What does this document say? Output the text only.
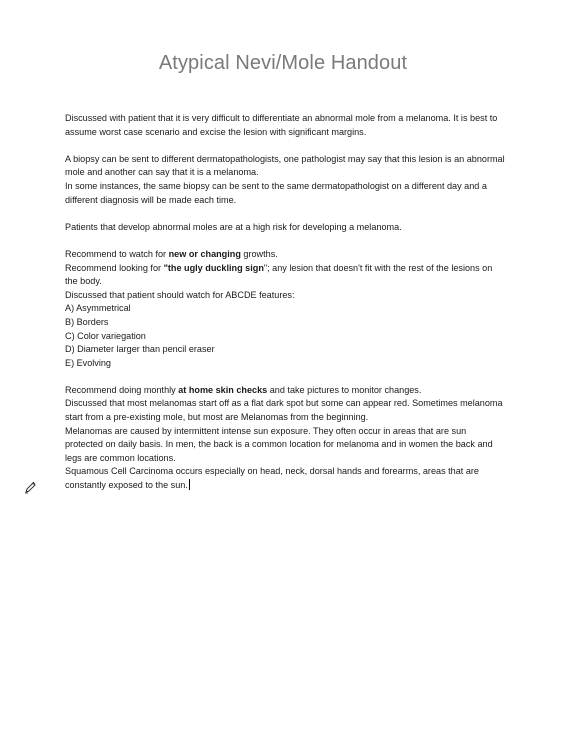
Atypical Nevi/Mole Handout

Discussed with patient that it is very difficult to differentiate an abnormal mole from a melanoma. It is best to assume worst case scenario and excise the lesion with significant margins.

A biopsy can be sent to different dermatopathologists, one pathologist may say that this lesion is an abnormal mole and another can say that it is a melanoma.

In some instances, the same biopsy can be sent to the same dermatopathologist on a different day and a different diagnosis will be made each time.

Patients that develop abnormal moles are at a high risk for developing a melanoma.

Recommend to watch for new or changing growths.

Recommend looking for "the ugly duckling sign"; any lesion that doesn't fit with the rest of the lesions on the body.

Discussed that patient should watch for ABCDE features:

A) Asymmetrical

B) Borders

C) Color variegation

D) Diameter larger than pencil eraser

E) Evolving

Recommend doing monthly at home skin checks and take pictures to monitor changes.

Discussed that most melanomas start off as a flat dark spot but some can appear red. Sometimes melanoma start from a pre-existing mole, but most are Melanomas from the beginning.

Melanomas are caused by intermittent intense sun exposure. They often occur in areas that are sun protected on daily basis. In men, the back is a common location for melanoma and in women the back and legs are common locations.

Squamous Cell Carcinoma occurs especially on head, neck, dorsal hands and forearms, areas that are constantly exposed to the sun.
